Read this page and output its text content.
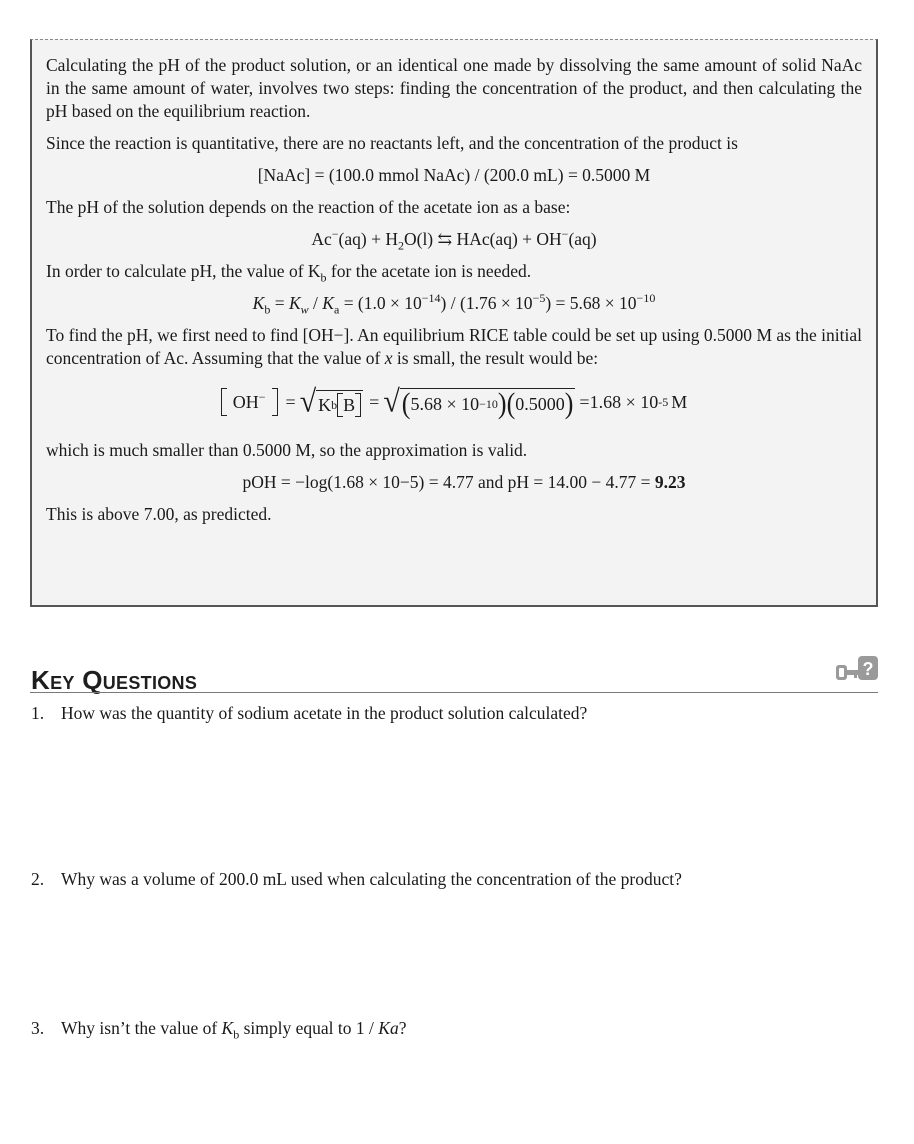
Calculating the pH of the product solution, or an identical one made by dissolving the same amount of solid NaAc in the same amount of water, involves two steps: finding the concentration of the product, and then calculating the pH based on the equilibrium reaction.

Since the reaction is quantitative, there are no reactants left, and the concentration of the product is

[NaAc] = (100.0 mmol NaAc) / (200.0 mL) = 0.5000 M

The pH of the solution depends on the reaction of the acetate ion as a base:

$Ac^-(aq) + H_2O(l)$ ⇆ HAc(aq) + OH−(aq)

In order to calculate pH, the value of $K_b$ for the acetate ion is needed.

$K_b = K_w / K_a = (1.0 \times 10^{-14}) / (1.76 \times 10^{-5}) = 5.68 \times 10^{-10}$

To find the pH, we first need to find [OH−]. An equilibrium RICE table could be set up using 0.5000 M as the initial concentration of Ac. Assuming that the value of x is small, the result would be:

OH−	= √ K b B = √ ( 5.68 × 10 −10 ) ( 0.5000 ) =1.68 × 10 -5 M

which is much smaller than 0.5000 M, so the approximation is valid.

pOH = −log(1.68 × 10−5) = 4.77 and pH = 14.00 − 4.77 = 9.23

This is above 7.00, as predicted.

Key Questions	?
1. How was the quantity of sodium acetate in the product solution calculated?
2. Why was a volume of 200.0 mL used when calculating the concentration of the product?
3. Why isn’t the value of $K_b$ simply equal to 1 / Ka?
